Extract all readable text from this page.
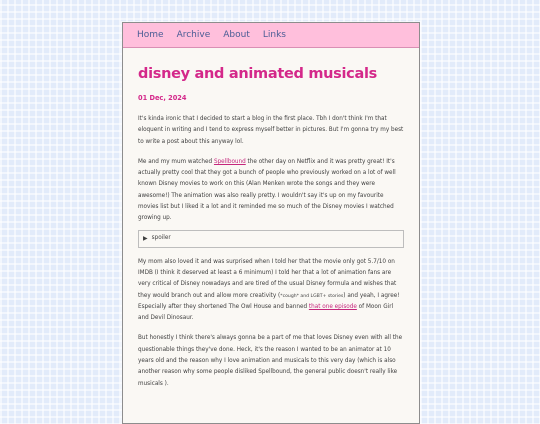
Home Archive About Links
disney and animated musicals
01 Dec, 2024

It's kinda ironic that I decided to start a blog in the first place. Tbh I don't think I'm that eloquent in writing and I tend to express myself better in pictures. But I'm gonna try my best to write a post about this anyway lol.

Me and my mum watched Spellbound the other day on Netflix and it was pretty great! It's actually pretty cool that they got a bunch of people who previously worked on a lot of well known Disney movies to work on this (Alan Menken wrote the songs and they were awesome!) The animation was also really pretty. I wouldn't say it's up on my favourite movies list but I liked it a lot and it reminded me so much of the Disney movies I watched growing up.

▶ spoiler

My mom also loved it and was surprised when I told her that the movie only got 5.7/10 on IMDB (I think it deserved at least a 6 minimum) I told her that a lot of animation fans are very critical of Disney nowadays and are tired of the usual Disney formula and wishes that they would branch out and allow more creativity (*cough* and LGBT+ stories) and yeah, I agree! Especially after they shortened The Owl House and banned that one episode of Moon Girl and Devil Dinosaur.

But honestly I think there's always gonna be a part of me that loves Disney even with all the questionable things they've done. Heck, it's the reason I wanted to be an animator at 10 years old and the reason why I love animation and musicals to this very day (which is also another reason why some people disliked Spellbound, the general public doesn't really like musicals ).
